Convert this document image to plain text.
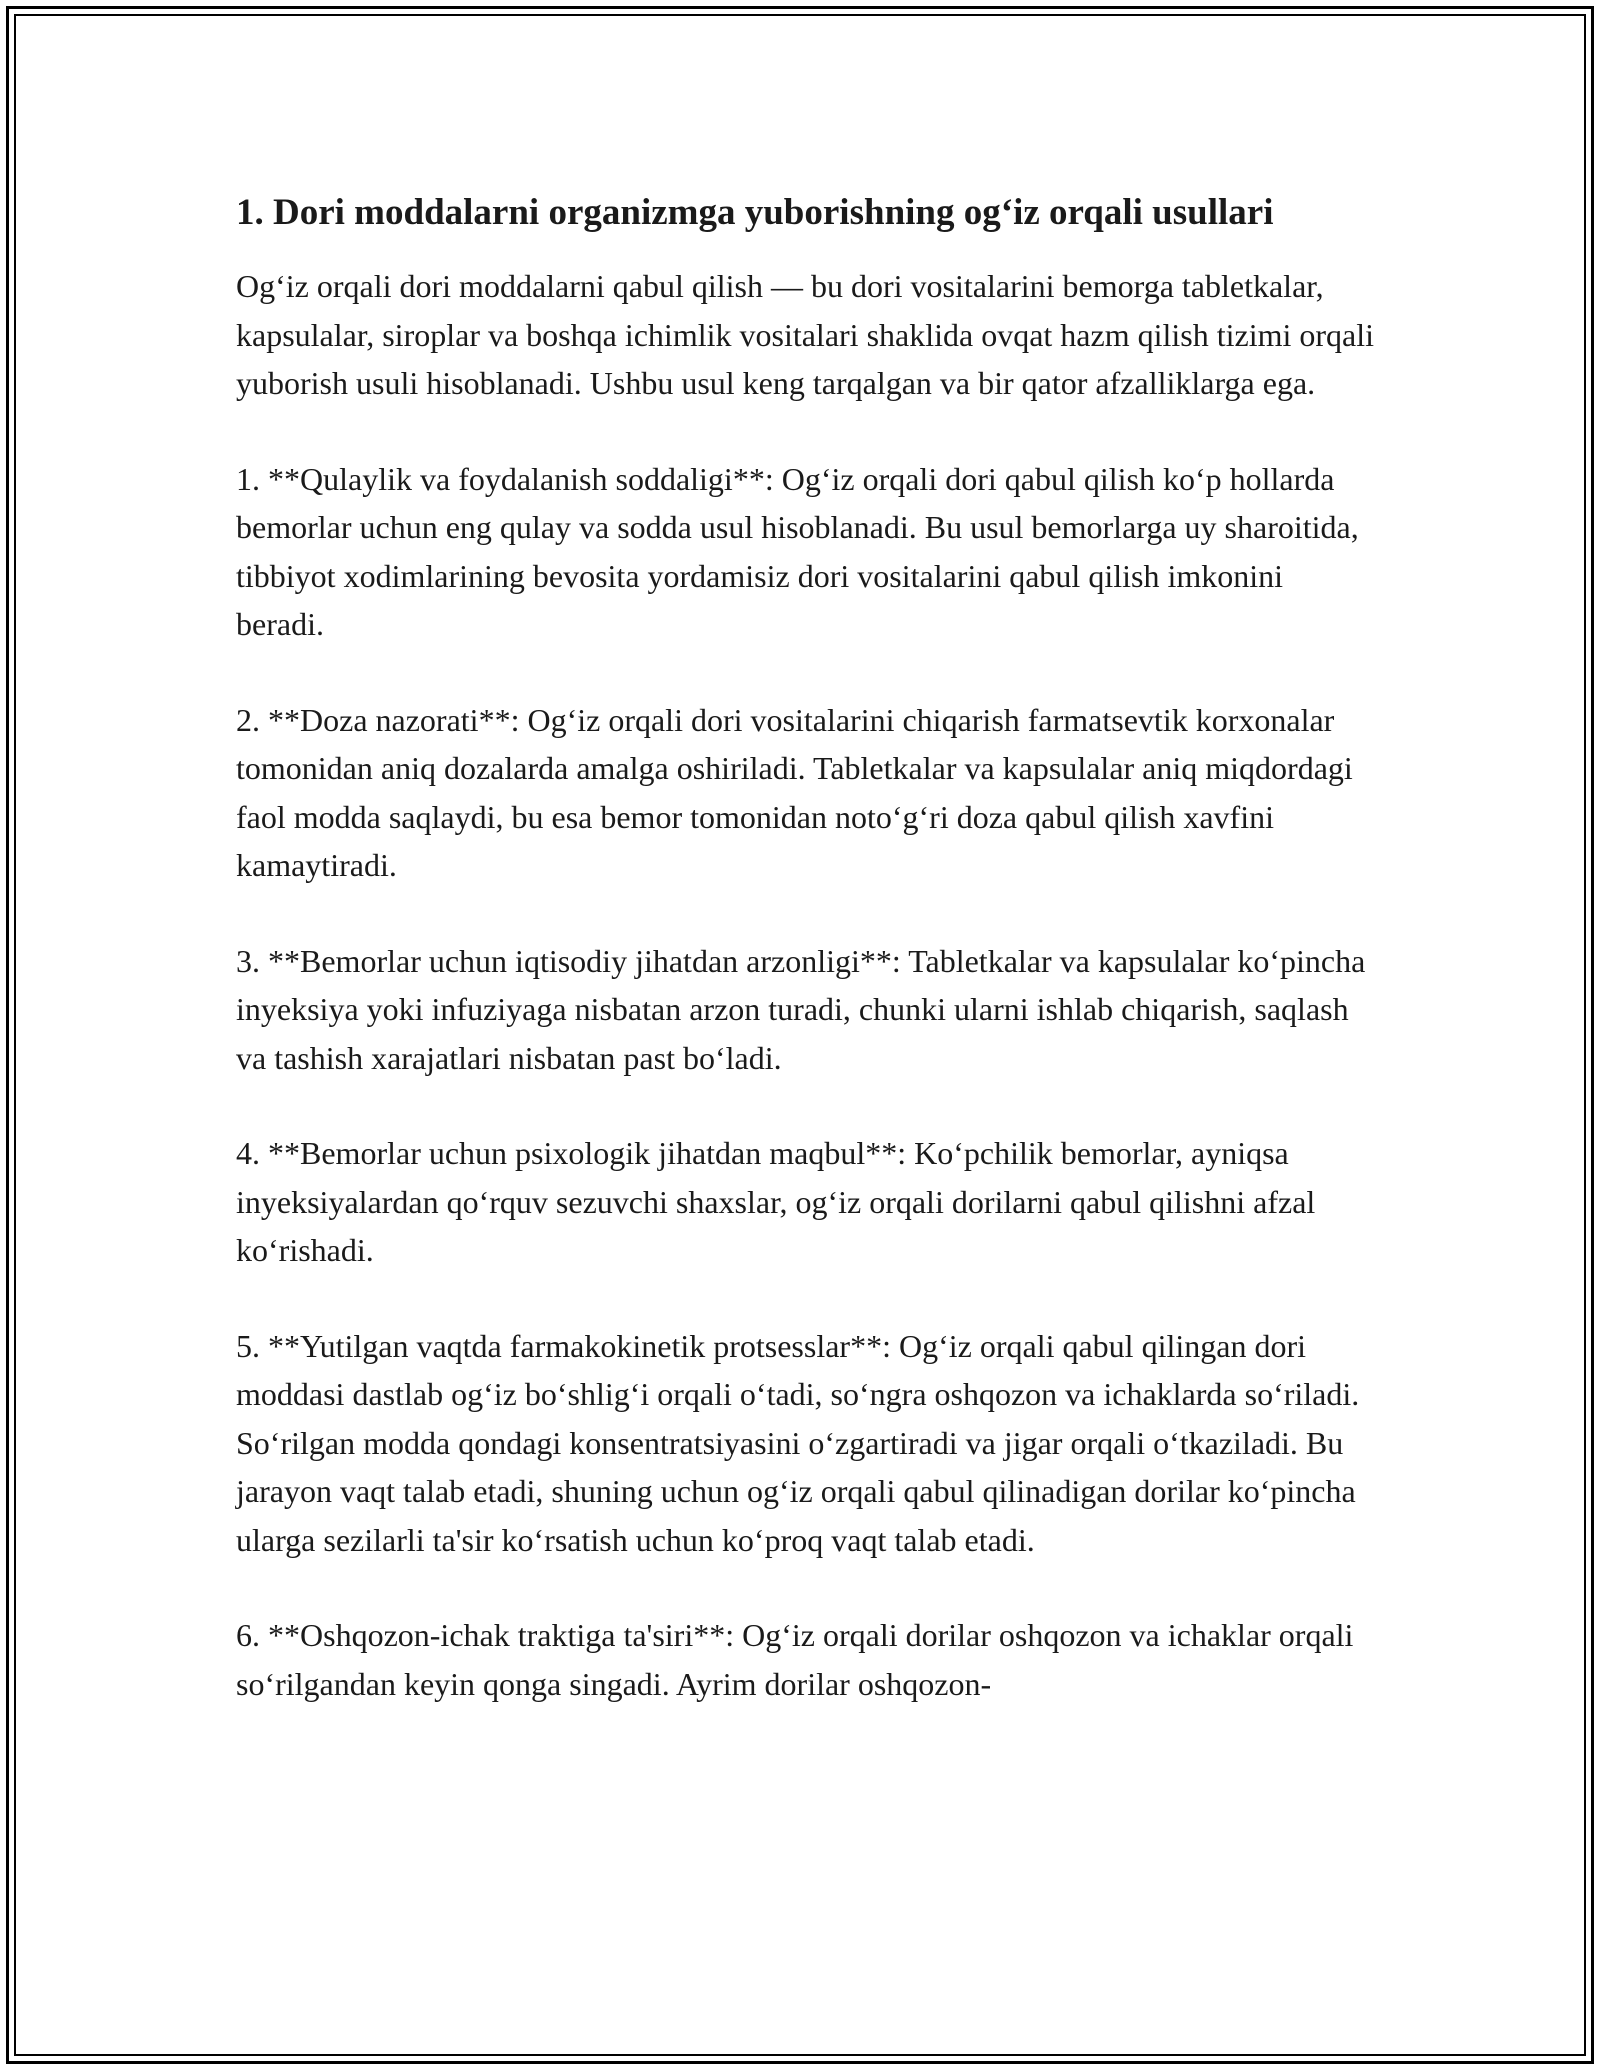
1. Dori moddalarni organizmga yuborishning og‘iz orqali usullari

Og‘iz orqali dori moddalarni qabul qilish — bu dori vositalarini bemorga tabletkalar, kapsulalar, siroplar va boshqa ichimlik vositalari shaklida ovqat hazm qilish tizimi orqali yuborish usuli hisoblanadi. Ushbu usul keng tarqalgan va bir qator afzalliklarga ega.

1. **Qulaylik va foydalanish soddaligi**: Og‘iz orqali dori qabul qilish ko‘p hollarda bemorlar uchun eng qulay va sodda usul hisoblanadi. Bu usul bemorlarga uy sharoitida, tibbiyot xodimlarining bevosita yordamisiz dori vositalarini qabul qilish imkonini beradi.

2. **Doza nazorati**: Og‘iz orqali dori vositalarini chiqarish farmatsevtik korxonalar tomonidan aniq dozalarda amalga oshiriladi. Tabletkalar va kapsulalar aniq miqdordagi faol modda saqlaydi, bu esa bemor tomonidan noto‘g‘ri doza qabul qilish xavfini kamaytiradi.

3. **Bemorlar uchun iqtisodiy jihatdan arzonligi**: Tabletkalar va kapsulalar ko‘pincha inyeksiya yoki infuziyaga nisbatan arzon turadi, chunki ularni ishlab chiqarish, saqlash va tashish xarajatlari nisbatan past bo‘ladi.

4. **Bemorlar uchun psixologik jihatdan maqbul**: Ko‘pchilik bemorlar, ayniqsa inyeksiyalardan qo‘rquv sezuvchi shaxslar, og‘iz orqali dorilarni qabul qilishni afzal ko‘rishadi.

5. **Yutilgan vaqtda farmakokinetik protsesslar**: Og‘iz orqali qabul qilingan dori moddasi dastlab og‘iz bo‘shlig‘i orqali o‘tadi, so‘ngra oshqozon va ichaklarda so‘riladi. So‘rilgan modda qondagi konsentratsiyasini o‘zgartiradi va jigar orqali o‘tkaziladi. Bu jarayon vaqt talab etadi, shuning uchun og‘iz orqali qabul qilinadigan dorilar ko‘pincha ularga sezilarli ta'sir ko‘rsatish uchun ko‘proq vaqt talab etadi.

6. **Oshqozon-ichak traktiga ta'siri**: Og‘iz orqali dorilar oshqozon va ichaklar orqali so‘rilgandan keyin qonga singadi. Ayrim dorilar oshqozon-
